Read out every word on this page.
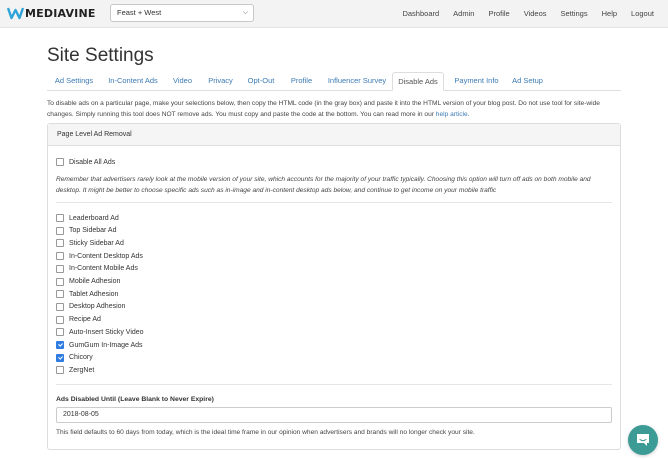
MEDIAVINE	Feast + West	⌵	Dashboard Admin Profile Videos Settings Help Logout
Site Settings
Ad Settings	In-Content Ads	Video	Privacy	Opt-Out	Profile	Influencer Survey	Disable Ads	Payment Info	Ad Setup

To disable ads on a particular page, make your selections below, then copy the HTML code (in the gray box) and paste it into the HTML version of your blog post. Do not use tool for site-wide changes. Simply running this tool does NOT remove ads. You must copy and paste the code at the bottom. You can read more in our help article.

Page Level Ad Removal
Disable All Ads

Remember that advertisers rarely look at the mobile version of your site, which accounts for the majority of your traffic typically. Choosing this option will turn off ads on both mobile and desktop. It might be better to choose specific ads such as in-image and in-content desktop ads below, and continue to get income on your mobile traffic

Leaderboard Ad
Top Sidebar Ad
Sticky Sidebar Ad
In-Content Desktop Ads
In-Content Mobile Ads
Mobile Adhesion
Tablet Adhesion
Desktop Adhesion
Recipe Ad
Auto-Insert Sticky Video
GumGum In-Image Ads
Chicory
ZergNet
Ads Disabled Until (Leave Blank to Never Expire)
2018-08-05
This field defaults to 60 days from today, which is the ideal time frame in our opinion when advertisers and brands will no longer check your site.
